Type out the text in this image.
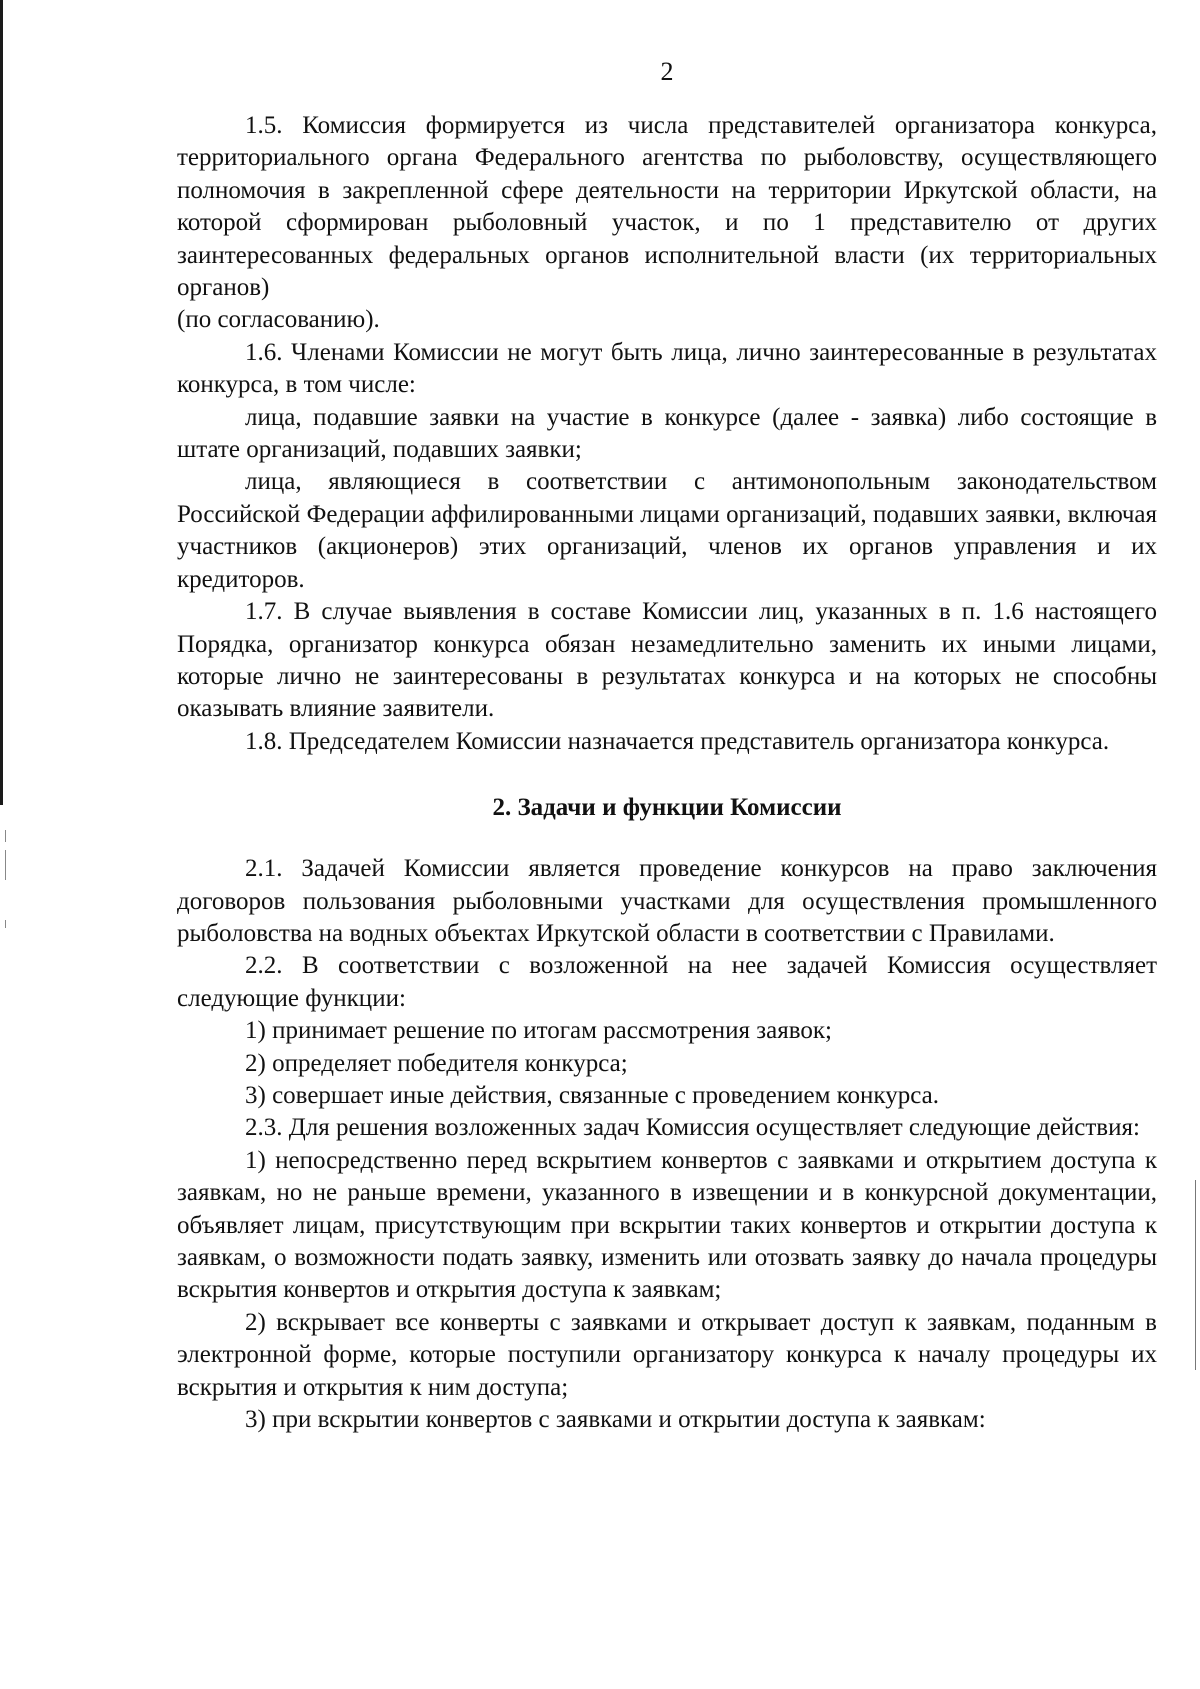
2

1.5. Комиссия формируется из числа представителей организатора конкурса, территориального органа Федерального агентства по рыболовству, осуществляющего полномочия в закрепленной сфере деятельности на территории Иркутской области, на которой сформирован рыболовный участок, и по 1 представителю от других заинтересованных федеральных органов исполнительной власти (их территориальных органов)

(по согласованию).

1.6. Членами Комиссии не могут быть лица, лично заинтересованные в результатах конкурса, в том числе:

лица, подавшие заявки на участие в конкурсе (далее - заявка) либо состоящие в штате организаций, подавших заявки;

лица, являющиеся в соответствии с антимонопольным законодательством Российской Федерации аффилированными лицами организаций, подавших заявки, включая участников (акционеров) этих организаций, членов их органов управления и их кредиторов.

1.7. В случае выявления в составе Комиссии лиц, указанных в п. 1.6 настоящего Порядка, организатор конкурса обязан незамедлительно заменить их иными лицами, которые лично не заинтересованы в результатах конкурса и на которых не способны оказывать влияние заявители.

1.8. Председателем Комиссии назначается представитель организатора конкурса.

2. Задачи и функции Комиссии

2.1. Задачей Комиссии является проведение конкурсов на право заключения договоров пользования рыболовными участками для осуществления промышленного рыболовства на водных объектах Иркутской области в соответствии с Правилами.

2.2. В соответствии с возложенной на нее задачей Комиссия осуществляет следующие функции:

1) принимает решение по итогам рассмотрения заявок;

2) определяет победителя конкурса;

3) совершает иные действия, связанные с проведением конкурса.

2.3. Для решения возложенных задач Комиссия осуществляет следующие действия:

1) непосредственно перед вскрытием конвертов с заявками и открытием доступа к заявкам, но не раньше времени, указанного в извещении и в конкурсной документации, объявляет лицам, присутствующим при вскрытии таких конвертов и открытии доступа к заявкам, о возможности подать заявку, изменить или отозвать заявку до начала процедуры вскрытия конвертов и открытия доступа к заявкам;

2) вскрывает все конверты с заявками и открывает доступ к заявкам, поданным в электронной форме, которые поступили организатору конкурса к началу процедуры их вскрытия и открытия к ним доступа;

3) при вскрытии конвертов с заявками и открытии доступа к заявкам:
